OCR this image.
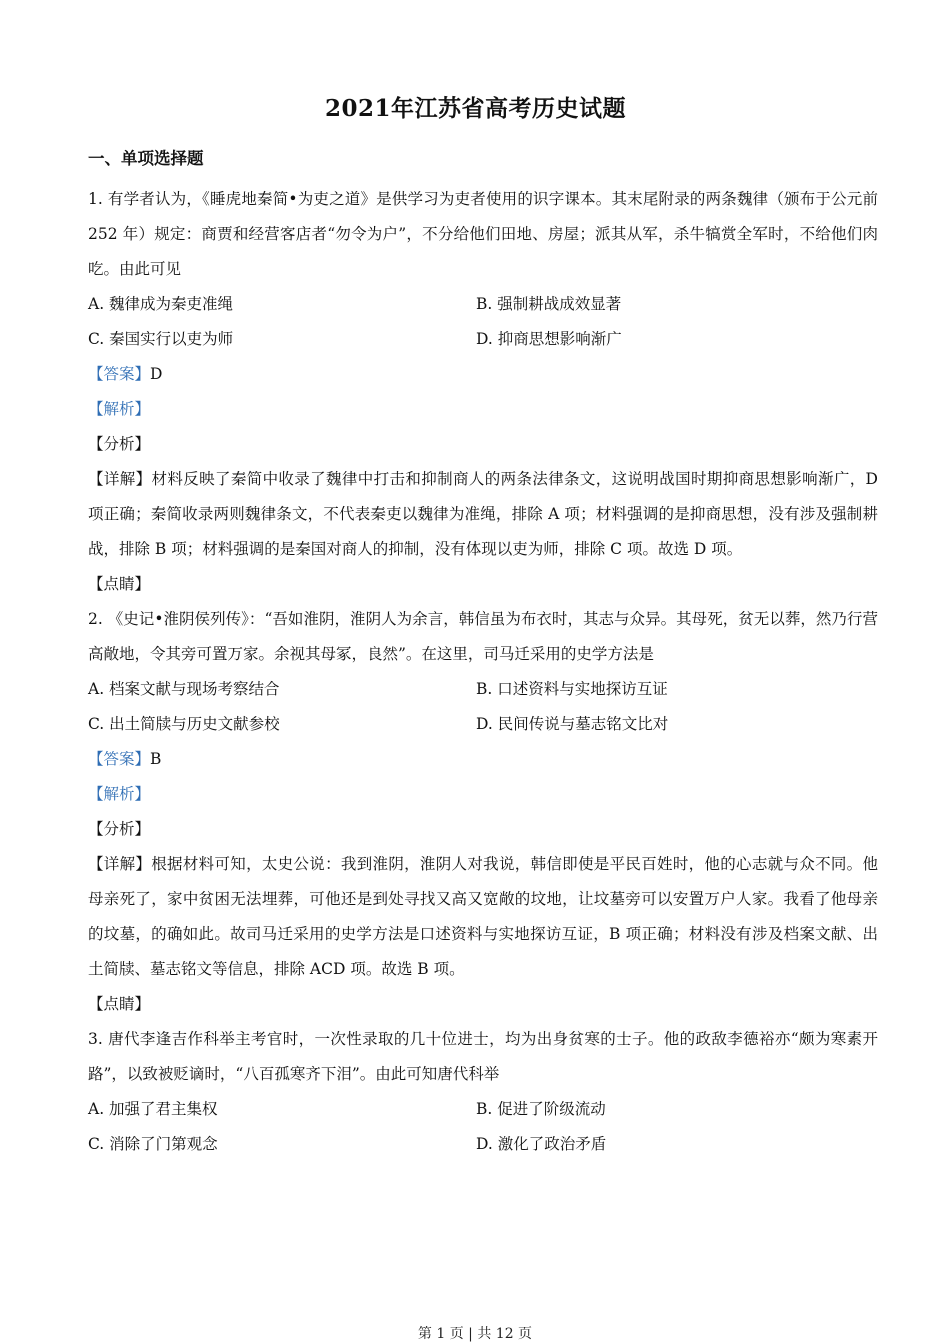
2021年江苏省高考历史试题
一、单项选择题

1. 有学者认为，《睡虎地秦简•为吏之道》是供学习为吏者使用的识字课本。其末尾附录的两条魏律（颁布于公元前 252 年）规定：商贾和经营客店者“勿令为户”，不分给他们田地、房屋；派其从军，杀牛犒赏全军时，不给他们肉吃。由此可见

A. 魏律成为秦吏准绳	B. 强制耕战成效显著
C. 秦国实行以吏为师	D. 抑商思想影响渐广
【答案】D
【解析】
【分析】

【详解】材料反映了秦简中收录了魏律中打击和抑制商人的两条法律条文，这说明战国时期抑商思想影响渐广，D 项正确；秦简收录两则魏律条文，不代表秦吏以魏律为准绳，排除 A 项；材料强调的是抑商思想，没有涉及强制耕战，排除 B 项；材料强调的是秦国对商人的抑制，没有体现以吏为师，排除 C 项。故选 D 项。

【点睛】

2. 《史记•淮阴侯列传》：“吾如淮阴，淮阴人为余言，韩信虽为布衣时，其志与众异。其母死，贫无以葬，然乃行营高敞地，令其旁可置万家。余视其母冢，良然”。在这里，司马迁采用的史学方法是

A. 档案文献与现场考察结合	B. 口述资料与实地探访互证
C. 出土简牍与历史文献参校	D. 民间传说与墓志铭文比对
【答案】B
【解析】
【分析】

【详解】根据材料可知，太史公说：我到淮阴，淮阴人对我说，韩信即使是平民百姓时，他的心志就与众不同。他母亲死了，家中贫困无法埋葬，可他还是到处寻找又高又宽敞的坟地，让坟墓旁可以安置万户人家。我看了他母亲的坟墓，的确如此。故司马迁采用的史学方法是口述资料与实地探访互证，B 项正确；材料没有涉及档案文献、出土简牍、墓志铭文等信息，排除 ACD 项。故选 B 项。

【点睛】

3. 唐代李逢吉作科举主考官时，一次性录取的几十位进士，均为出身贫寒的士子。他的政敌李德裕亦“颇为寒素开路”，以致被贬谪时，“八百孤寒齐下泪”。由此可知唐代科举

A. 加强了君主集权	B. 促进了阶级流动
C. 消除了门第观念	D. 激化了政治矛盾
第 1 页 | 共 12 页
